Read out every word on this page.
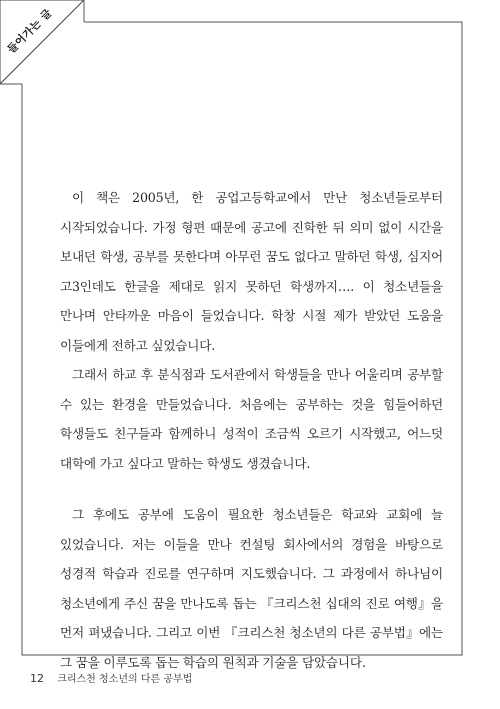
들어가는 글

이 책은 2005년, 한 공업고등학교에서 만난 청소년들로부터 시작되었습니다. 가정 형편 때문에 공고에 진학한 뒤 의미 없이 시간을 보내던 학생, 공부를 못한다며 아무런 꿈도 없다고 말하던 학생, 심지어 고3인데도 한글을 제대로 읽지 못하던 학생까지…. 이 청소년들을 만나며 안타까운 마음이 들었습니다. 학창 시절 제가 받았던 도움을 이들에게 전하고 싶었습니다.

그래서 하교 후 분식점과 도서관에서 학생들을 만나 어울리며 공부할 수 있는 환경을 만들었습니다. 처음에는 공부하는 것을 힘들어하던 학생들도 친구들과 함께하니 성적이 조금씩 오르기 시작했고, 어느덧 대학에 가고 싶다고 말하는 학생도 생겼습니다.

그 후에도 공부에 도움이 필요한 청소년들은 학교와 교회에 늘 있었습니다. 저는 이들을 만나 컨설팅 회사에서의 경험을 바탕으로 성경적 학습과 진로를 연구하며 지도했습니다. 그 과정에서 하나님이 청소년에게 주신 꿈을 만나도록 돕는 『크리스천 십대의 진로 여행』을 먼저 펴냈습니다. 그리고 이번 『크리스천 청소년의 다른 공부법』에는 그 꿈을 이루도록 돕는 학습의 원칙과 기술을 담았습니다.

12 크리스천 청소년의 다른 공부법
